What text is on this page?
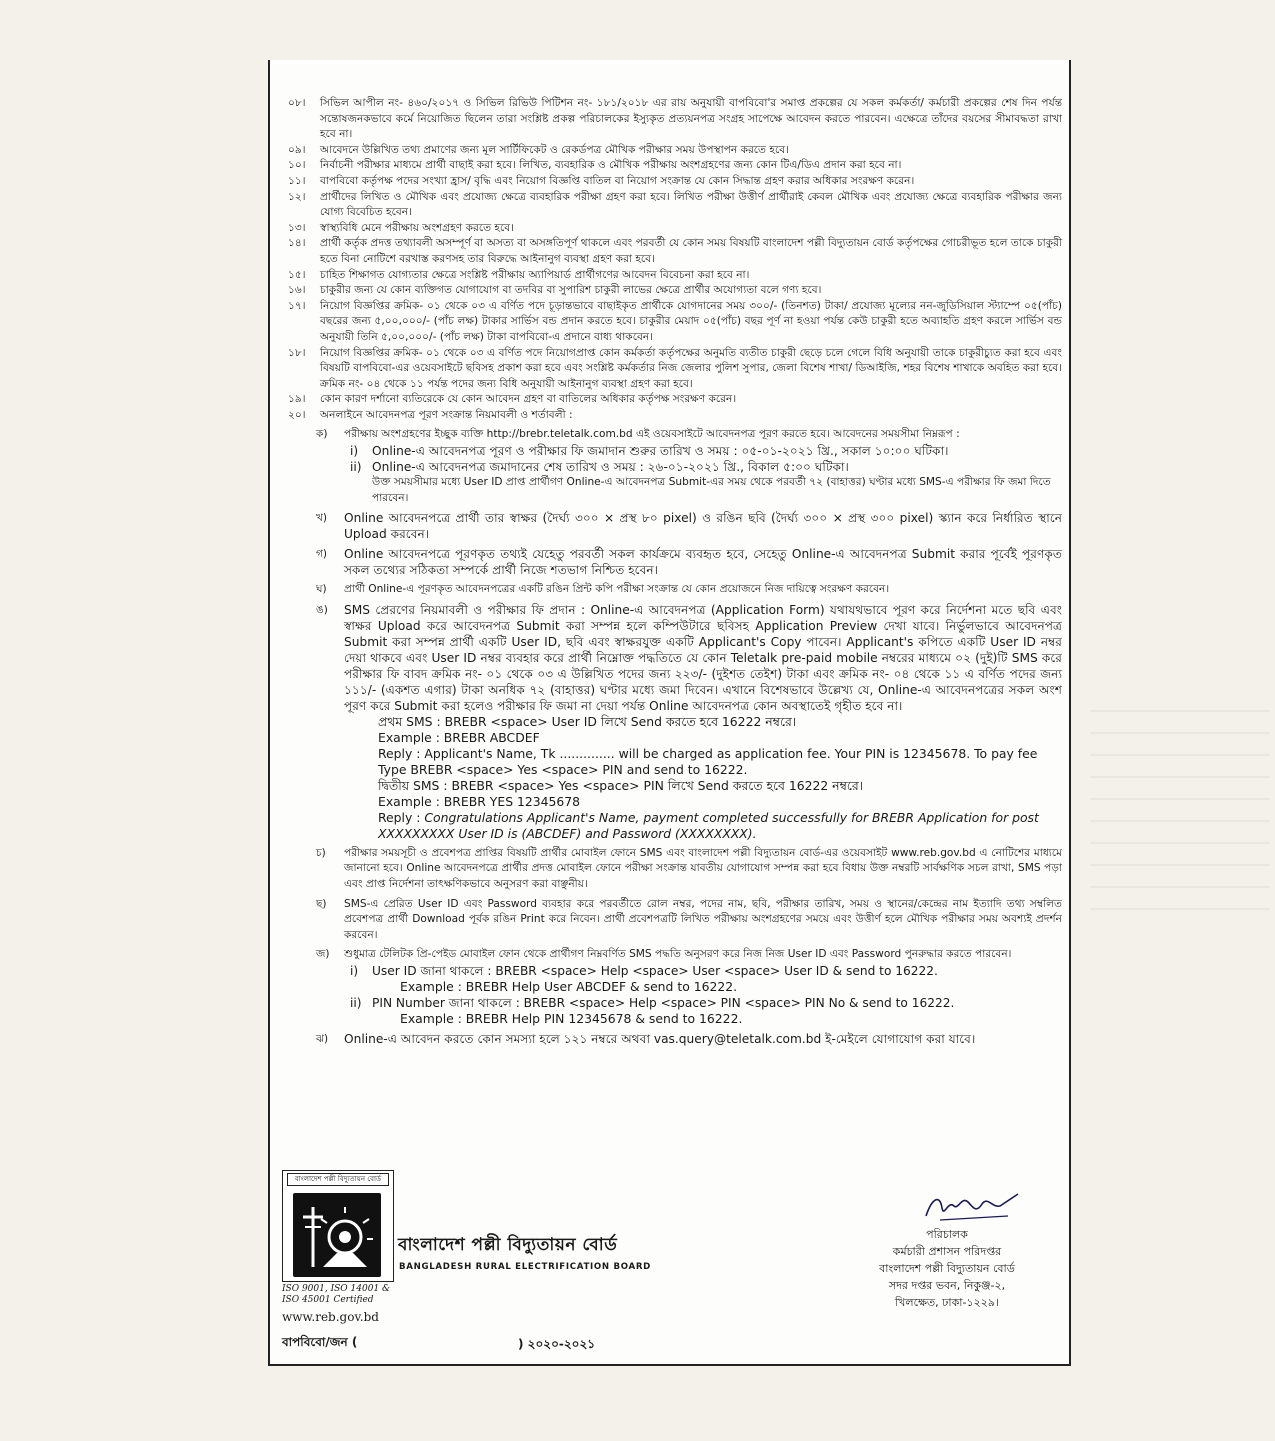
০৮।	সিভিল আপীল নং- ৪৬০/২০১৭ ও সিভিল রিভিউ পিটিশন নং- ১৮১/২০১৮ এর রায় অনুযায়ী বাপবিবো'র সমাপ্ত প্রকল্পের যে সকল কর্মকর্তা/ কর্মচারী প্রকল্পের শেষ দিন পর্যন্ত সন্তোষজনকভাবে কর্মে নিয়োজিত ছিলেন তারা সংশ্লিষ্ট প্রকল্প পরিচালকের ইস্যুকৃত প্রত্যয়নপত্র সংগ্রহ সাপেক্ষে আবেদন করতে পারবেন। এক্ষেত্রে তাঁদের বয়সের সীমাবদ্ধতা রাখা হবে না।
০৯।	আবেদনে উল্লিখিত তথ্য প্রমাণের জন্য মূল সার্টিফিকেট ও রেকর্ডপত্র মৌখিক পরীক্ষার সময় উপস্থাপন করতে হবে।
১০।	নির্বাচনী পরীক্ষার মাধ্যমে প্রার্থী বাছাই করা হবে। লিখিত, ব্যবহারিক ও মৌখিক পরীক্ষায় অংশগ্রহণের জন্য কোন টিএ/ডিএ প্রদান করা হবে না।
১১।	বাপবিবো কর্তৃপক্ষ পদের সংখ্যা হ্রাস/ বৃদ্ধি এবং নিয়োগ বিজ্ঞপ্তি বাতিল বা নিয়োগ সংক্রান্ত যে কোন সিদ্ধান্ত গ্রহণ করার অধিকার সংরক্ষণ করেন।
১২।	প্রার্থীদের লিখিত ও মৌখিক এবং প্রযোজ্য ক্ষেত্রে ব্যবহারিক পরীক্ষা গ্রহণ করা হবে। লিখিত পরীক্ষা উত্তীর্ণ প্রার্থীরাই কেবল মৌখিক এবং প্রযোজ্য ক্ষেত্রে ব্যবহারিক পরীক্ষার জন্য যোগ্য বিবেচিত হবেন।
১৩।	স্বাস্থ্যবিধি মেনে পরীক্ষায় অংশগ্রহণ করতে হবে।
১৪।	প্রার্থী কর্তৃক প্রদত্ত তথ্যাবলী অসম্পূর্ণ বা অসত্য বা অসঙ্গতিপূর্ণ থাকলে এবং পরবর্তী যে কোন সময় বিষয়টি বাংলাদেশ পল্লী বিদ্যুতায়ন বোর্ড কর্তৃপক্ষের গোচরীভূত হলে তাকে চাকুরী হতে বিনা নোটিশে বরখাস্ত করণসহ তার বিরুদ্ধে আইনানুগ ব্যবস্থা গ্রহণ করা হবে।
১৫।	চাহিত শিক্ষাগত যোগ্যতার ক্ষেত্রে সংশ্লিষ্ট পরীক্ষায় অ্যাপিয়ার্ড প্রার্থীগণের আবেদন বিবেচনা করা হবে না।
১৬।	চাকুরীর জন্য যে কোন ব্যক্তিগত যোগাযোগ বা তদবির বা সুপারিশ চাকুরী লাভের ক্ষেত্রে প্রার্থীর অযোগ্যতা বলে গণ্য হবে।
১৭।	নিয়োগ বিজ্ঞপ্তির ক্রমিক- ০১ থেকে ০৩ এ বর্ণিত পদে চূড়ান্তভাবে বাছাইকৃত প্রার্থীকে যোগদানের সময় ৩০০/- (তিনশত) টাকা/ প্রযোজ্য মূল্যের নন-জুডিসিয়াল স্ট্যাম্পে ০৫(পাঁচ) বছরের জন্য ৫,০০,০০০/- (পাঁচ লক্ষ) টাকার সার্ভিস বন্ড প্রদান করতে হবে। চাকুরীর মেয়াদ ০৫(পাঁচ) বছর পূর্ণ না হওয়া পর্যন্ত কেউ চাকুরী হতে অব্যাহতি গ্রহণ করলে সার্ভিস বন্ড অনুযায়ী তিনি ৫,০০,০০০/- (পাঁচ লক্ষ) টাকা বাপবিবো-এ প্রদানে বাধ্য থাকবেন।
১৮।	নিয়োগ বিজ্ঞপ্তির ক্রমিক- ০১ থেকে ০৩ এ বর্ণিত পদে নিয়োগপ্রাপ্ত কোন কর্মকর্তা কর্তৃপক্ষের অনুমতি ব্যতীত চাকুরী ছেড়ে চলে গেলে বিধি অনুযায়ী তাকে চাকুরীচ্যুত করা হবে এবং বিষয়টি বাপবিবো-এর ওয়েবসাইটে ছবিসহ প্রকাশ করা হবে এবং সংশ্লিষ্ট কর্মকর্তার নিজ জেলার পুলিশ সুপার, জেলা বিশেষ শাখা/ ডিআইজি, শহর বিশেষ শাখাকে অবহিত করা হবে। ক্রমিক নং- ০৪ থেকে ১১ পর্যন্ত পদের জন্য বিধি অনুযায়ী আইনানুগ ব্যবস্থা গ্রহণ করা হবে।
১৯।	কোন কারণ দর্শানো ব্যতিরেকে যে কোন আবেদন গ্রহণ বা বাতিলের অধিকার কর্তৃপক্ষ সংরক্ষণ করেন।
২০।	অনলাইনে আবেদনপত্র পূরণ সংক্রান্ত নিয়মাবলী ও শর্তাবলী :
ক)	পরীক্ষায় অংশগ্রহণের ইচ্ছুক ব্যক্তি http://brebr.teletalk.com.bd এই ওয়েবসাইটে আবেদনপত্র পূরণ করতে হবে। আবেদনের সময়সীমা নিম্নরূপ :
i)	Online-এ আবেদনপত্র পূরণ ও পরীক্ষার ফি জমাদান শুরুর তারিখ ও সময় : ০৫-০১-২০২১ খ্রি., সকাল ১০:০০ ঘটিকা।
ii) Online-এ আবেদনপত্র জমাদানের শেষ তারিখ ও সময় : ২৬-০১-২০২১ খ্রি., বিকাল ৫:০০ ঘটিকা।
উক্ত সময়সীমার মধ্যে User ID প্রাপ্ত প্রার্থীগণ Online-এ আবেদনপত্র Submit-এর সময় থেকে পরবর্তী ৭২ (বাহাত্তর) ঘণ্টার মধ্যে SMS-এ পরীক্ষার ফি জমা দিতে পারবেন।
খ)	Online আবেদনপত্রে প্রার্থী তার স্বাক্ষর (দৈর্ঘ্য ৩০০ × প্রস্থ ৮০ pixel) ও রঙিন ছবি (দৈর্ঘ্য ৩০০ × প্রস্থ ৩০০ pixel) স্ক্যান করে নির্ধারিত স্থানে Upload করবেন।
গ)	Online আবেদনপত্রে পূরণকৃত তথ্যই যেহেতু পরবর্তী সকল কার্যক্রমে ব্যবহৃত হবে, সেহেতু Online-এ আবেদনপত্র Submit করার পূর্বেই পূরণকৃত সকল তথ্যের সঠিকতা সম্পর্কে প্রার্থী নিজে শতভাগ নিশ্চিত হবেন।
ঘ)	প্রার্থী Online-এ পূরণকৃত আবেদনপত্রের একটি রঙিন প্রিন্ট কপি পরীক্ষা সংক্রান্ত যে কোন প্রয়োজনে নিজ দায়িত্বে সংরক্ষণ করবেন।
ঙ)	SMS প্রেরণের নিয়মাবলী ও পরীক্ষার ফি প্রদান : Online-এ আবেদনপত্র (Application Form) যথাযথভাবে পূরণ করে নির্দেশনা মতে ছবি এবং স্বাক্ষর Upload করে আবেদনপত্র Submit করা সম্পন্ন হলে কম্পিউটারে ছবিসহ Application Preview দেখা যাবে। নির্ভুলভাবে আবেদনপত্র Submit করা সম্পন্ন প্রার্থী একটি User ID, ছবি এবং স্বাক্ষরযুক্ত একটি Applicant's Copy পাবেন। Applicant's কপিতে একটি User ID নম্বর দেয়া থাকবে এবং User ID নম্বর ব্যবহার করে প্রার্থী নিম্নোক্ত পদ্ধতিতে যে কোন Teletalk pre-paid mobile নম্বরের মাধ্যমে ০২ (দুই)টি SMS করে পরীক্ষার ফি বাবদ ক্রমিক নং- ০১ থেকে ০৩ এ উল্লিখিত পদের জন্য ২২৩/- (দুইশত তেইশ) টাকা এবং ক্রমিক নং- ০৪ থেকে ১১ এ বর্ণিত পদের জন্য ১১১/- (একশত এগার) টাকা অনধিক ৭২ (বাহাত্তর) ঘণ্টার মধ্যে জমা দিবেন। এখানে বিশেষভাবে উল্লেখ্য যে, Online-এ আবেদনপত্রের সকল অংশ পূরণ করে Submit করা হলেও পরীক্ষার ফি জমা না দেয়া পর্যন্ত Online আবেদনপত্র কোন অবস্থাতেই গৃহীত হবে না।
প্রথম SMS : BREBR <space> User ID লিখে Send করতে হবে 16222 নম্বরে।
Example : BREBR ABCDEF
Reply : Applicant's Name, Tk .............. will be charged as application fee. Your PIN is 12345678. To pay fee Type BREBR <space> Yes <space> PIN and send to 16222.
দ্বিতীয় SMS : BREBR <space> Yes <space> PIN লিখে Send করতে হবে 16222 নম্বরে।
Example : BREBR YES 12345678
Reply : Congratulations Applicant's Name, payment completed successfully for BREBR Application for post XXXXXXXXX User ID is (ABCDEF) and Password (XXXXXXXX).
চ)	পরীক্ষার সময়সূচী ও প্রবেশপত্র প্রাপ্তির বিষয়টি প্রার্থীর মোবাইল ফোনে SMS এবং বাংলাদেশ পল্লী বিদ্যুতায়ন বোর্ড-এর ওয়েবসাইট www.reb.gov.bd এ নোটিশের মাধ্যমে জানানো হবে। Online আবেদনপত্রে প্রার্থীর প্রদত্ত মোবাইল ফোনে পরীক্ষা সংক্রান্ত যাবতীয় যোগাযোগ সম্পন্ন করা হবে বিধায় উক্ত নম্বরটি সার্বক্ষণিক সচল রাখা, SMS পড়া এবং প্রাপ্ত নির্দেশনা তাৎক্ষণিকভাবে অনুসরণ করা বাঞ্ছনীয়।
ছ)	SMS-এ প্রেরিত User ID এবং Password ব্যবহার করে পরবর্তীতে রোল নম্বর, পদের নাম, ছবি, পরীক্ষার তারিখ, সময় ও স্থানের/কেন্দ্রের নাম ইত্যাদি তথ্য সম্বলিত প্রবেশপত্র প্রার্থী Download পূর্বক রঙিন Print করে নিবেন। প্রার্থী প্রবেশপত্রটি লিখিত পরীক্ষায় অংশগ্রহণের সময়ে এবং উত্তীর্ণ হলে মৌখিক পরীক্ষার সময় অবশ্যই প্রদর্শন করবেন।
জ)	শুধুমাত্র টেলিটক প্রি-পেইড মোবাইল ফোন থেকে প্রার্থীগণ নিম্নবর্ণিত SMS পদ্ধতি অনুসরণ করে নিজ নিজ User ID এবং Password পুনরুদ্ধার করতে পারবেন।
i)	User ID জানা থাকলে : BREBR <space> Help <space> User <space> User ID & send to 16222.
Example : BREBR Help User ABCDEF & send to 16222.
ii) PIN Number জানা থাকলে : BREBR <space> Help <space> PIN <space> PIN No & send to 16222.
Example : BREBR Help PIN 12345678 & send to 16222.
ঝ)	Online-এ আবেদন করতে কোন সমস্যা হলে ১২১ নম্বরে অথবা vas.query@teletalk.com.bd ই-মেইলে যোগাযোগ করা যাবে।
বাংলাদেশ পল্লী বিদ্যুতায়ন বোর্ড
ISO 9001, ISO 14001 & ISO 45001 Certified
www.reb.gov.bd
বাপবিবো/জন (	) ২০২০-২০২১
বাংলাদেশ পল্লী বিদ্যুতায়ন বোর্ড
BANGLADESH RURAL ELECTRIFICATION BOARD
পরিচালক
কর্মচারী প্রশাসন পরিদপ্তর
বাংলাদেশ পল্লী বিদ্যুতায়ন বোর্ড
সদর দপ্তর ভবন, নিকুঞ্জ-২,
খিলক্ষেত, ঢাকা-১২২৯।
